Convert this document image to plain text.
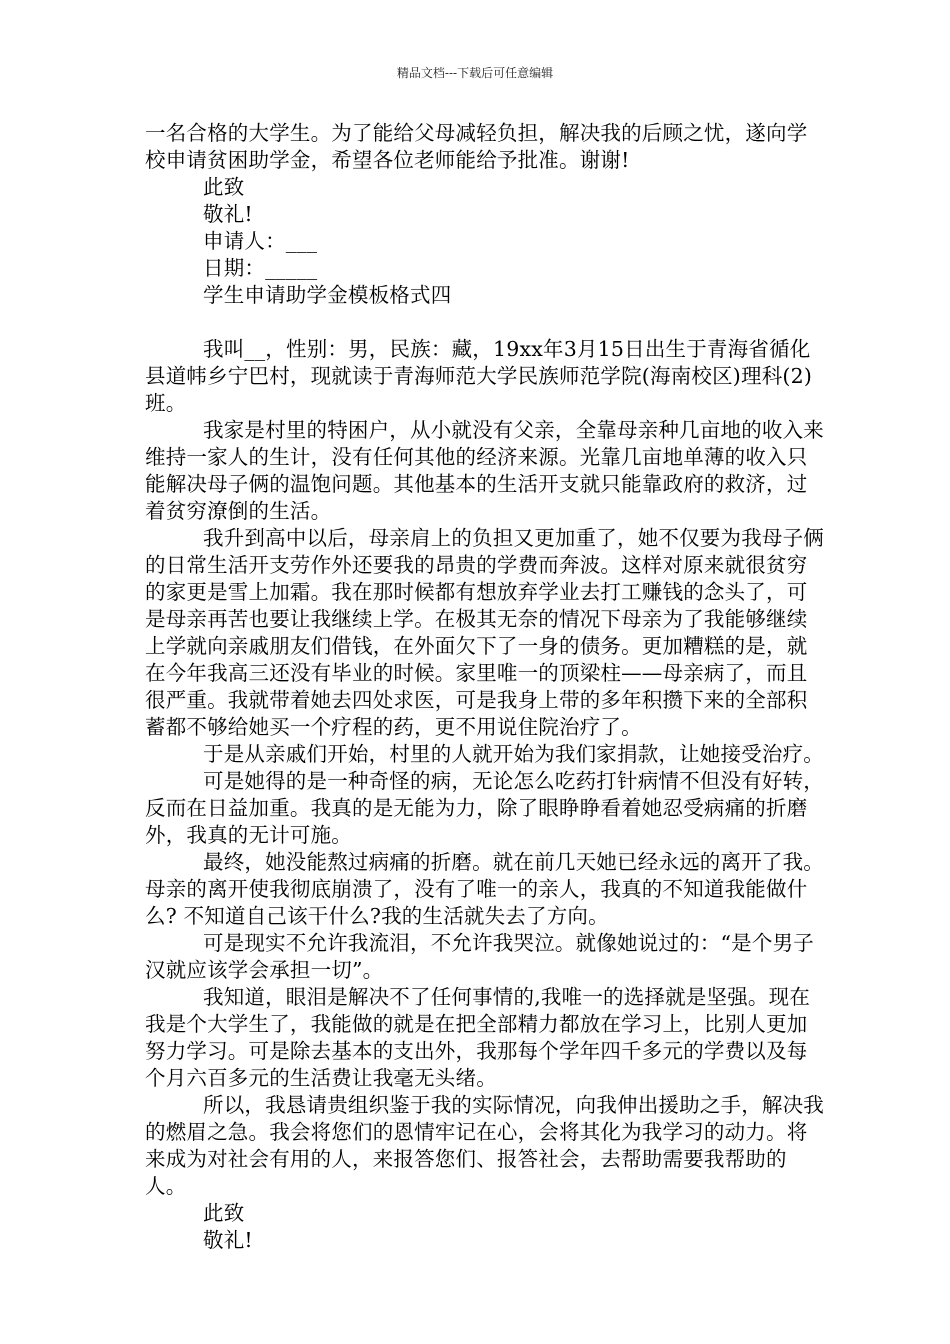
精品文档---下载后可任意编辑

一名合格的大学生。为了能给父母减轻负担，解决我的后顾之忧，遂向学校申请贫困助学金，希望各位老师能给予批准。谢谢!

此致

敬礼!

申请人：___

日期：_____

学生申请助学金模板格式四

我叫__，性别：男，民族：藏，19xx年3月15日出生于青海省循化县道帏乡宁巴村，现就读于青海师范大学民族师范学院(海南校区)理科(2)班。

我家是村里的特困户，从小就没有父亲，全靠母亲种几亩地的收入来维持一家人的生计，没有任何其他的经济来源。光靠几亩地单薄的收入只能解决母子俩的温饱问题。其他基本的生活开支就只能靠政府的救济，过着贫穷潦倒的生活。

我升到高中以后，母亲肩上的负担又更加重了，她不仅要为我母子俩的日常生活开支劳作外还要我的昂贵的学费而奔波。这样对原来就很贫穷的家更是雪上加霜。我在那时候都有想放弃学业去打工赚钱的念头了，可是母亲再苦也要让我继续上学。在极其无奈的情况下母亲为了我能够继续上学就向亲戚朋友们借钱，在外面欠下了一身的债务。更加糟糕的是，就在今年我高三还没有毕业的时候。家里唯一的顶梁柱——母亲病了，而且很严重。我就带着她去四处求医，可是我身上带的多年积攒下来的全部积蓄都不够给她买一个疗程的药，更不用说住院治疗了。

于是从亲戚们开始，村里的人就开始为我们家捐款，让她接受治疗。

可是她得的是一种奇怪的病，无论怎么吃药打针病情不但没有好转，反而在日益加重。我真的是无能为力，除了眼睁睁看着她忍受病痛的折磨外，我真的无计可施。

最终，她没能熬过病痛的折磨。就在前几天她已经永远的离开了我。母亲的离开使我彻底崩溃了，没有了唯一的亲人，我真的不知道我能做什么? 不知道自己该干什么?我的生活就失去了方向。

可是现实不允许我流泪，不允许我哭泣。就像她说过的：“是个男子汉就应该学会承担一切”。

我知道，眼泪是解决不了任何事情的,我唯一的选择就是坚强。现在我是个大学生了，我能做的就是在把全部精力都放在学习上，比别人更加努力学习。可是除去基本的支出外，我那每个学年四千多元的学费以及每个月六百多元的生活费让我毫无头绪。

所以，我恳请贵组织鉴于我的实际情况，向我伸出援助之手，解决我的燃眉之急。我会将您们的恩情牢记在心，会将其化为我学习的动力。将来成为对社会有用的人，来报答您们、报答社会，去帮助需要我帮助的人。

此致

敬礼!
